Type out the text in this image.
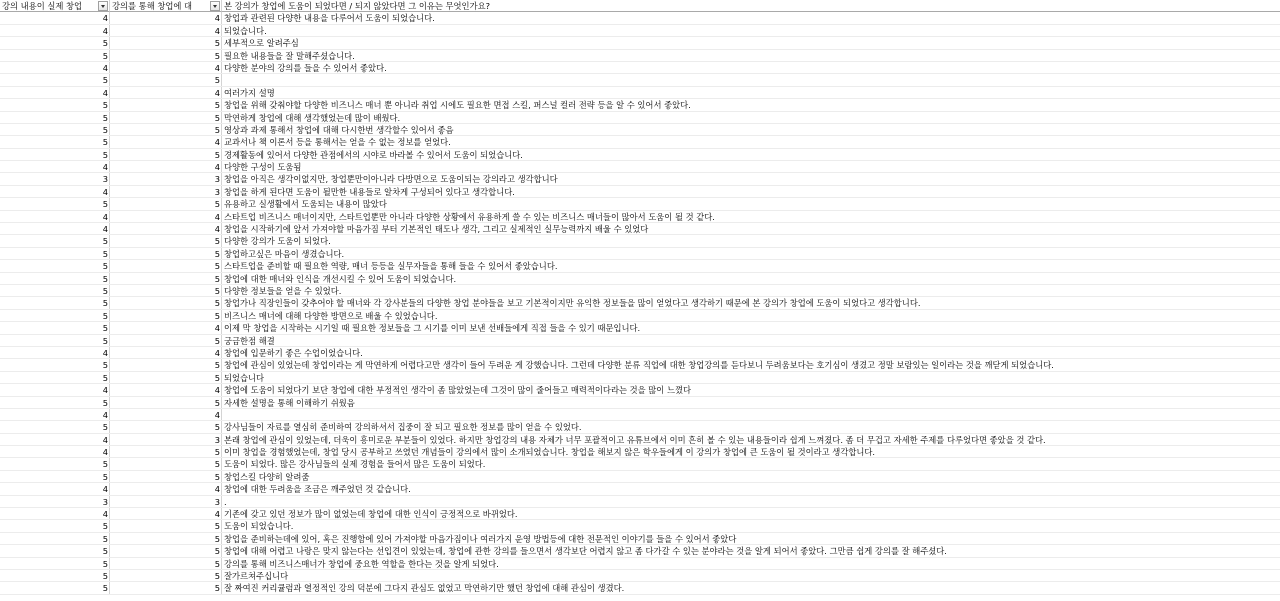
강의 내용이 실제 창업	강의를 통해 창업에 대	본 강의가 창업에 도움이 되었다면 / 되지 않았다면 그 이유는 무엇인가요?
4	4 창업과 관련된 다양한 내용을 다루어서 도움이 되었습니다.
4	4 되었습니다.
5	5 세부적으로 알려주심
5	5 필요한 내용들을 잘 말해주셨습니다.
4	4 다양한 분야의 강의를 들을 수 있어서 좋았다.
5	5
4	4 여러가지 설명
5	5 창업을 위해 갖춰야할 다양한 비즈니스 매너 뿐 아니라 취업 시에도 필요한 면접 스킬, 퍼스널 컬러 전략 등을 알 수 있어서 좋았다.
5	5 막연하게 창업에 대해 생각했었는데 많이 배웠다.
5	5 영상과 과제 통해서 창업에 대해 다시한번 생각할수 있어서 좋음
5	4 교과서나 책 이론서 등을 통해서는 얻을 수 없는 정보를 얻었다.
5	5 경제활동에 있어서 다양한 관점에서의 시야로 바라볼 수 있어서 도움이 되었습니다.
4	4 다양한 구성이 도움됨
3	3 창업을 아직은 생각이없지만, 창업뿐만이아니라 다방면으로 도움이되는 강의라고 생각합니다
4	3 창업을 하게 된다면 도움이 될만한 내용들로 알차게 구성되어 있다고 생각합니다.
5	5 유용하고 실생활에서 도움되는 내용이 많았다
4	4 스타트업 비즈니스 매너이지만, 스타트업뿐만 아니라 다양한 상황에서 유용하게 쓸 수 있는 비즈니스 매너들이 많아서 도움이 될 것 같다.
4	4 창업을 시작하기에 앞서 가져야할 마음가짐 부터 기본적인 태도나 생각, 그리고 실제적인 실무능력까지 배울 수 있었다
5	5 다양한 강의가 도움이 되었다.
5	5 창업하고싶은 마음이 생겼습니다.
5	5 스타트업을 준비할 때 필요한 역량, 매너 등등을 실무자들을 통해 들을 수 있어서 좋았습니다.
5	5 창업에 대한 매너와 인식을 개선시킬 수 있어 도움이 되었습니다.
5	5 다양한 정보들을 얻을 수 있었다.
5	5 창업가나 직장인들이 갖추어야 할 매너와 각 강사분들의 다양한 창업 분야들을 보고 기본적이지만 유익한 정보들을 많이 얻었다고 생각하기 때문에 본 강의가 창업에 도움이 되었다고 생각합니다.
5	5 비즈니스 매너에 대해 다양한 방면으로 배울 수 있었습니다.
5	4 이제 막 창업을 시작하는 시기일 때 필요한 정보들을 그 시기를 이미 보낸 선배들에게 직접 들을 수 있기 때문입니다.
5	5 궁금한점 해결
4	4 창업에 입문하기 좋은 수업이었습니다.
5	5 창업에 관심이 있었는데 창업이라는 게 막연하게 어렵다고만 생각이 들어 두려운 게 강했습니다. 그런데 다양한 분류 직업에 대한 창업강의를 듣다보니 두려움보다는 호기심이 생겼고 정말 보람있는 일이라는 것을 깨닫게 되었습니다.
5	5 되었습니다
4	4 창업에 도움이 되었다기 보단 창업에 대한 부정적인 생각이 좀 많았었는데 그것이 많이 줄어들고 매력적이다라는 것을 많이 느꼈다
5	5 자세한 설명을 통해 이해하기 쉬웠음
4	4
5	5 강사님들이 자료를 열심히 준비하여 강의하셔서 집중이 잘 되고 필요한 정보를 많이 얻을 수 있었다.
4	3 본래 창업에 관심이 있었는데, 더욱이 흥미로운 부분들이 있었다. 하지만 창업강의 내용 자체가 너무 포괄적이고 유튜브에서 이미 흔히 볼 수 있는 내용들이라 쉽게 느껴졌다. 좀 더 무겁고 자세한 주제를 다루었다면 좋았을 것 같다.
4	5 이미 창업을 경험했었는데, 창업 당시 공부하고 쓰였던 개념들이 강의에서 많이 소개되었습니다. 창업을 해보지 않은 학우들에게 이 강의가 창업에 큰 도움이 될 것이라고 생각합니다.
5	5 도움이 되었다. 많은 강사님들의 실제 경험을 들어서 많은 도움이 되었다.
5	5 창업스킬 다양히 알려줌
4	4 창업에 대한 두려움을 조금은 깨주었던 것 같습니다.
3	3 .
4	4 기존에 갖고 있던 정보가 많이 없었는데 창업에 대한 인식이 긍정적으로 바뀌었다.
5	5 도움이 되었습니다.
5	5 창업을 준비하는데에 있어, 혹은 진행함에 있어 가져야할 마음가짐이나 여러가지 운영 방법등에 대한 전문적인 이야기를 들을 수 있어서 좋았다
5	5 창업에 대해 어렵고 나랑은 맞지 않는다는 선입견이 있었는데, 창업에 관한 강의를 들으면서 생각보단 어렵지 않고 좀 다가갈 수 있는 분야라는 것을 알게 되어서 좋았다. 그만큼 쉽게 강의를 잘 해주셨다.
5	5 강의를 통해 비즈니스매너가 창업에 중요한 역할을 한다는 것을 알게 되었다.
5	5 잘가르쳐주십니다
5	5 잘 짜여진 커리큘럼과 열정적인 강의 덕분에 그다지 관심도 없었고 막연하기만 했던 창업에 대해 관심이 생겼다.
